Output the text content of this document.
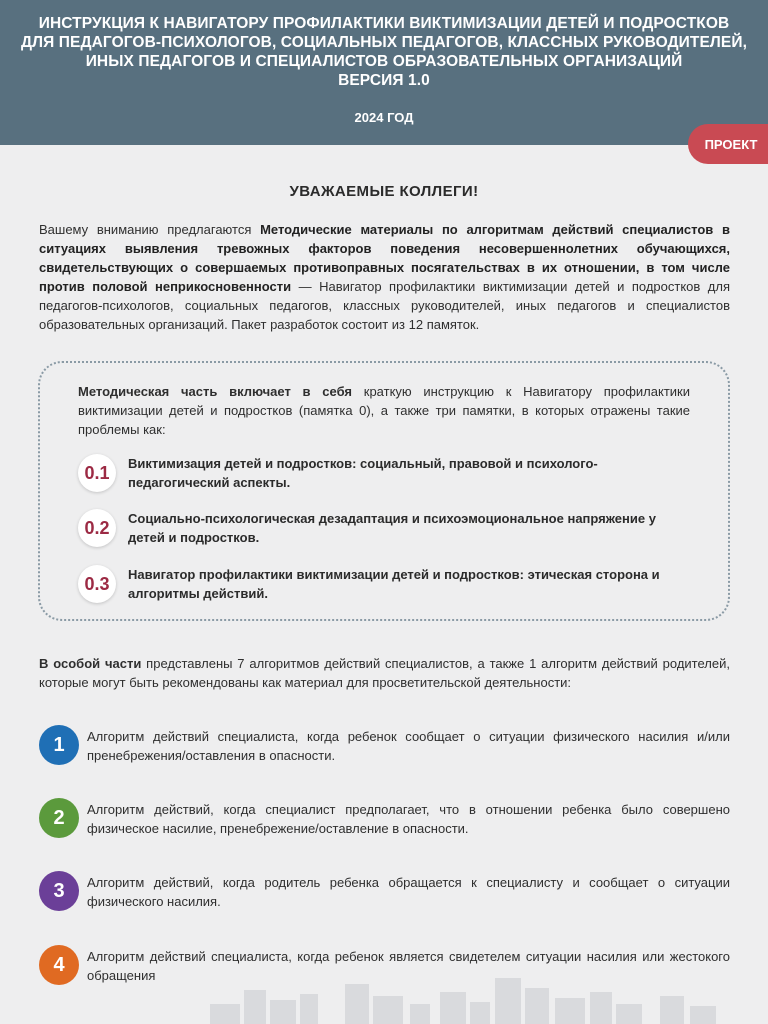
ИНСТРУКЦИЯ К НАВИГАТОРУ ПРОФИЛАКТИКИ ВИКТИМИЗАЦИИ ДЕТЕЙ И ПОДРОСТКОВ
ДЛЯ ПЕДАГОГОВ-ПСИХОЛОГОВ, СОЦИАЛЬНЫХ ПЕДАГОГОВ, КЛАССНЫХ РУКОВОДИТЕЛЕЙ,
ИНЫХ ПЕДАГОГОВ И СПЕЦИАЛИСТОВ ОБРАЗОВАТЕЛЬНЫХ ОРГАНИЗАЦИЙ
ВЕРСИЯ 1.0
2024 ГОД
ПРОЕКТ
УВАЖАЕМЫЕ КОЛЛЕГИ!

Вашему вниманию предлагаются Методические материалы по алгоритмам действий специалистов в ситуациях выявления тревожных факторов поведения несовершеннолетних обучающихся, свидетельствующих о совершаемых противоправных посягательствах в их отношении, в том числе против половой неприкосновенности — Навигатор профилактики виктимизации детей и подростков для педагогов-психологов, социальных педагогов, классных руководителей, иных педагогов и специалистов образовательных организаций. Пакет разработок состоит из 12 памяток.

Методическая часть включает в себя краткую инструкцию к Навигатору профилактики виктимизации детей и подростков (памятка 0), а также три памятки, в которых отражены такие проблемы как:

0.1	Виктимизация детей и подростков: социальный, правовой и психолого-педагогический аспекты.
0.2	Социально-психологическая дезадаптация и психоэмоциональное напряжение у детей и подростков.
0.3	Навигатор профилактики виктимизации детей и подростков: этическая сторона и алгоритмы действий.

В особой части представлены 7 алгоритмов действий специалистов, а также 1 алгоритм действий родителей, которые могут быть рекомендованы как материал для просветительской деятельности:

1	Алгоритм действий специалиста, когда ребенок сообщает о ситуации физического насилия и/или пренебрежения/оставления в опасности.
2	Алгоритм действий, когда специалист предполагает, что в отношении ребенка было совершено физическое насилие, пренебрежение/оставление в опасности.
3	Алгоритм действий, когда родитель ребенка обращается к специалисту и сообщает о ситуации физического насилия.
4	Алгоритм действий специалиста, когда ребенок является свидетелем ситуации насилия или жестокого обращения
